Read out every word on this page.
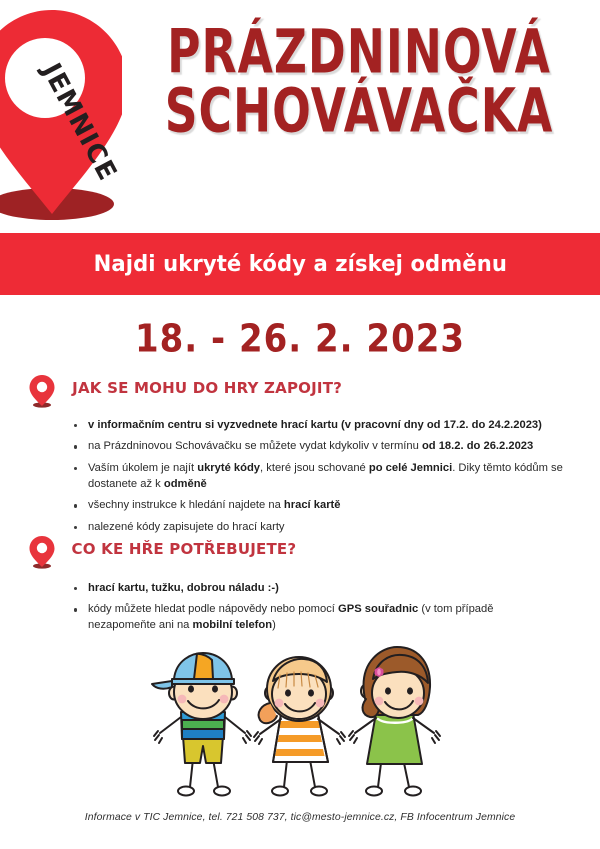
JEMNICE
PRÁZDNINOVÁ
SCHOVÁVAČKA
Najdi ukryté kódy a získej odměnu
18. - 26. 2. 2023
JAK SE MOHU DO HRY ZAPOJIT?
v informačním centru si vyzvednete hrací kartu (v pracovní dny od 17.2. do 24.2.2023)
na Prázdninovou Schovávačku se můžete vydat kdykoliv v termínu od 18.2. do 26.2.2023
Vaším úkolem je najít ukryté kódy, které jsou schované po celé Jemnici. Diky těmto kódům se dostanete až k odměně
všechny instrukce k hledání najdete na hrací kartě
nalezené kódy zapisujete do hrací karty
CO KE HŘE POTŘEBUJETE?
hrací kartu, tužku, dobrou náladu :-)
kódy můžete hledat podle nápovědy nebo pomocí GPS souřadnic (v tom případě nezapomeňte ani na mobilní telefon)
Informace v TIC Jemnice, tel. 721 508 737, tic@mesto-jemnice.cz, FB Infocentrum Jemnice
